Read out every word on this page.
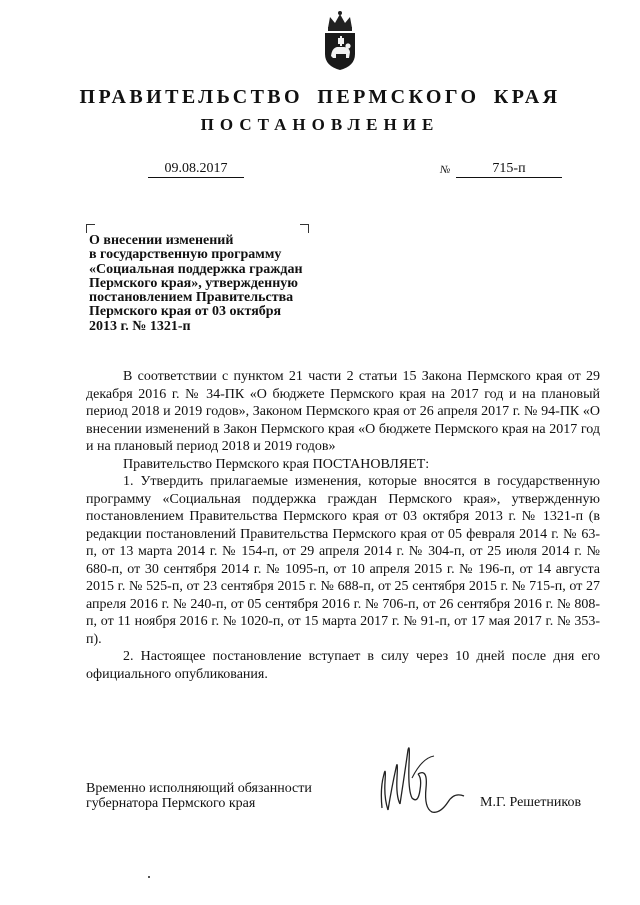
ПРАВИТЕЛЬСТВО ПЕРМСКОГО КРАЯ
ПОСТАНОВЛЕНИЕ
09.08.2017	№	715-п
О внесении изменений
в государственную программу
«Социальная поддержка граждан
Пермского края», утвержденную
постановлением Правительства
Пермского края от 03 октября
2013 г. № 1321-п

В соответствии с пунктом 21 части 2 статьи 15 Закона Пермского края от 29 декабря 2016 г. № 34-ПК «О бюджете Пермского края на 2017 год и на плановый период 2018 и 2019 годов», Законом Пермского края от 26 апреля 2017 г. № 94-ПК «О внесении изменений в Закон Пермского края «О бюджете Пермского края на 2017 год и на плановый период 2018 и 2019 годов»

Правительство Пермского края ПОСТАНОВЛЯЕТ:

1. Утвердить прилагаемые изменения, которые вносятся в государственную программу «Социальная поддержка граждан Пермского края», утвержденную постановлением Правительства Пермского края от 03 октября 2013 г. № 1321-п (в редакции постановлений Правительства Пермского края от 05 февраля 2014 г. № 63-п, от 13 марта 2014 г. № 154-п, от 29 апреля 2014 г. № 304-п, от 25 июля 2014 г. № 680-п, от 30 сентября 2014 г. № 1095-п, от 10 апреля 2015 г. № 196-п, от 14 августа 2015 г. № 525-п, от 23 сентября 2015 г. № 688-п, от 25 сентября 2015 г. № 715-п, от 27 апреля 2016 г. № 240-п, от 05 сентября 2016 г. № 706-п, от 26 сентября 2016 г. № 808-п, от 11 ноября 2016 г. № 1020-п, от 15 марта 2017 г. № 91-п, от 17 мая 2017 г. № 353-п).

2. Настоящее постановление вступает в силу через 10 дней после дня его официального опубликования.

Временно исполняющий обязанности
губернатора Пермского края	М.Г. Решетников
